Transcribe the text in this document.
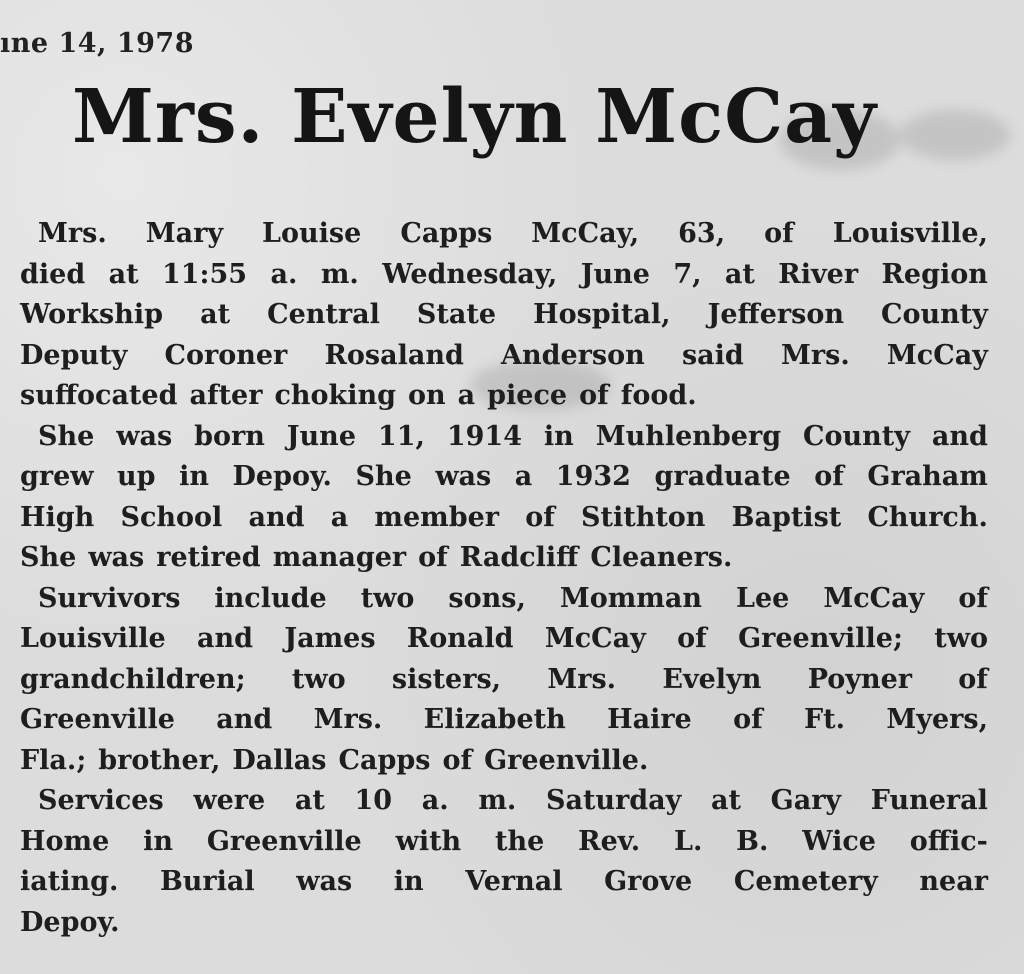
ıne 14, 1978
Mrs. Evelyn McCay
Mrs. Mary Louise Capps McCay, 63, of Louisville,
died at 11:55 a. m. Wednesday, June 7, at River Region
Workship at Central State Hospital, Jefferson County
Deputy Coroner Rosaland Anderson said Mrs. McCay
suffocated after choking on a piece of food.
She was born June 11, 1914 in Muhlenberg County and
grew up in Depoy. She was a 1932 graduate of Graham
High School and a member of Stithton Baptist Church.
She was retired manager of Radcliff Cleaners.
Survivors include two sons, Momman Lee McCay of
Louisville and James Ronald McCay of Greenville; two
grandchildren; two sisters, Mrs. Evelyn Poyner of
Greenville and Mrs. Elizabeth Haire of Ft. Myers,
Fla.; brother, Dallas Capps of Greenville.
Services were at 10 a. m. Saturday at Gary Funeral
Home in Greenville with the Rev. L. B. Wice offic-
iating. Burial was in Vernal Grove Cemetery near
Depoy.
